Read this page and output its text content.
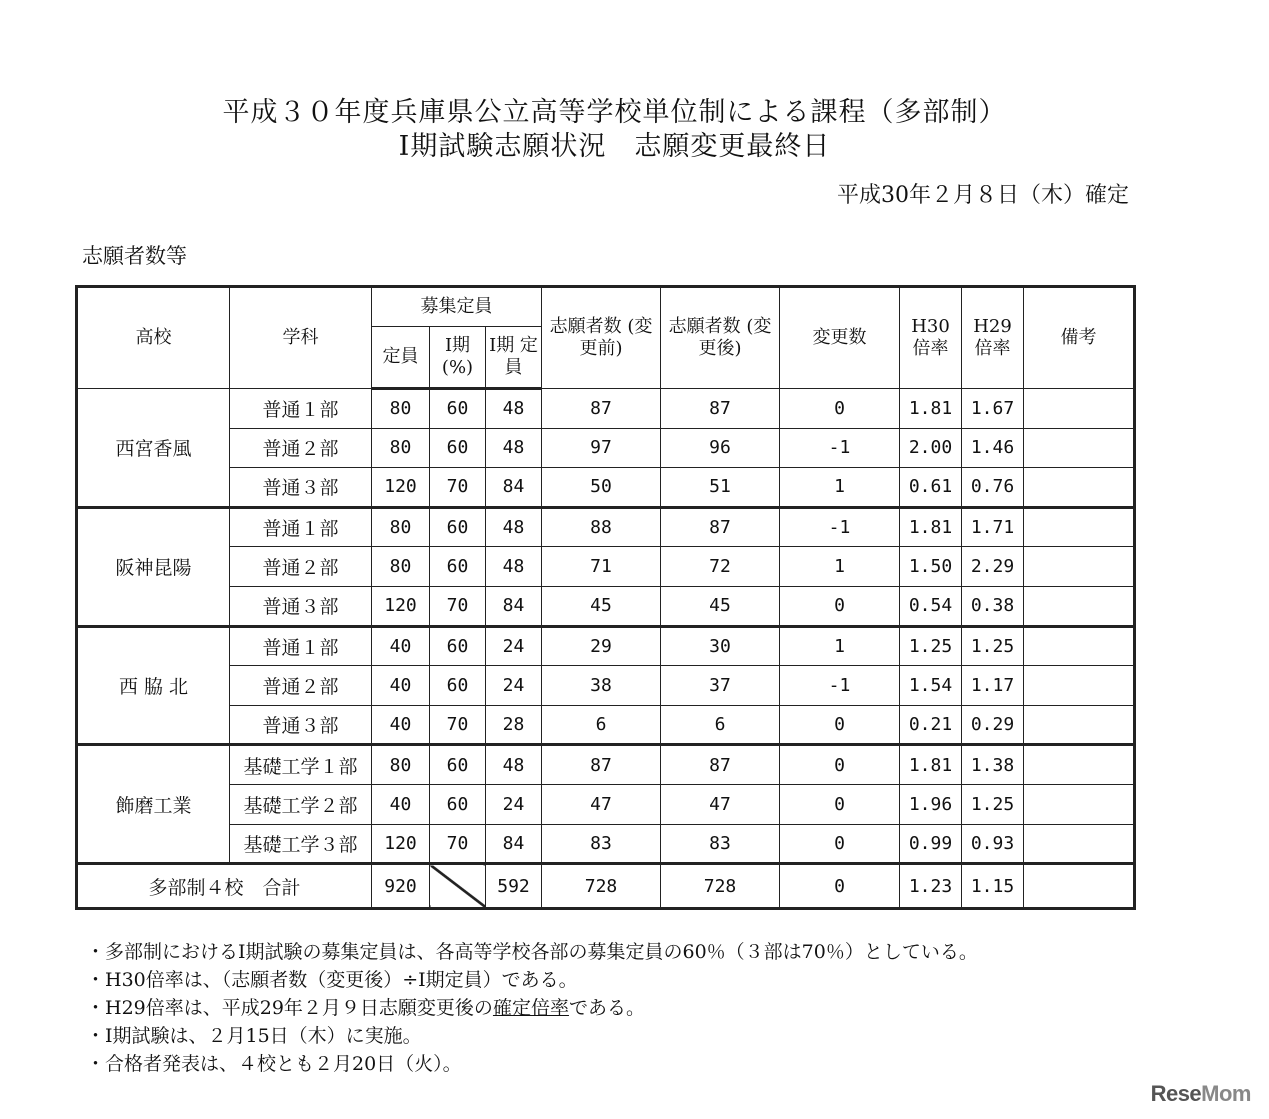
平成３０年度兵庫県公立高等学校単位制による課程（多部制）
Ⅰ期試験志願状況　志願変更最終日
平成30年２月８日（木）確定
志願者数等
高校	学科	募集定員			志願者数 (変更前)	志願者数 (変更後)	変更数	H30 倍率	H29 倍率	備考
		定員	Ⅰ期 (%)	Ⅰ期 定員						
西宮香風	普通１部	80	60	48	87	87	0	1.81	1.67	
	普通２部	80	60	48	97	96	-1	2.00	1.46	
	普通３部	120	70	84	50	51	1	0.61	0.76	
阪神昆陽	普通１部	80	60	48	88	87	-1	1.81	1.71	
	普通２部	80	60	48	71	72	1	1.50	2.29	
	普通３部	120	70	84	45	45	0	0.54	0.38	
西 脇 北	普通１部	40	60	24	29	30	1	1.25	1.25	
	普通２部	40	60	24	38	37	-1	1.54	1.17	
	普通３部	40	70	28	6	6	0	0.21	0.29	
飾磨工業	基礎工学１部	80	60	48	87	87	0	1.81	1.38	
	基礎工学２部	40	60	24	47	47	0	1.96	1.25	
	基礎工学３部	120	70	84	83	83	0	0.99	0.93	
多部制４校　合計		920		592	728	728	0	1.23	1.15	
・多部制におけるⅠ期試験の募集定員は、各高等学校各部の募集定員の60％（３部は70％）としている。
・H30倍率は、（志願者数（変更後）÷Ⅰ期定員）である。
・H29倍率は、平成29年２月９日志願変更後の確定倍率である。
・Ⅰ期試験は、２月15日（木）に実施。
・合格者発表は、４校とも２月20日（火）。
ReseMom
